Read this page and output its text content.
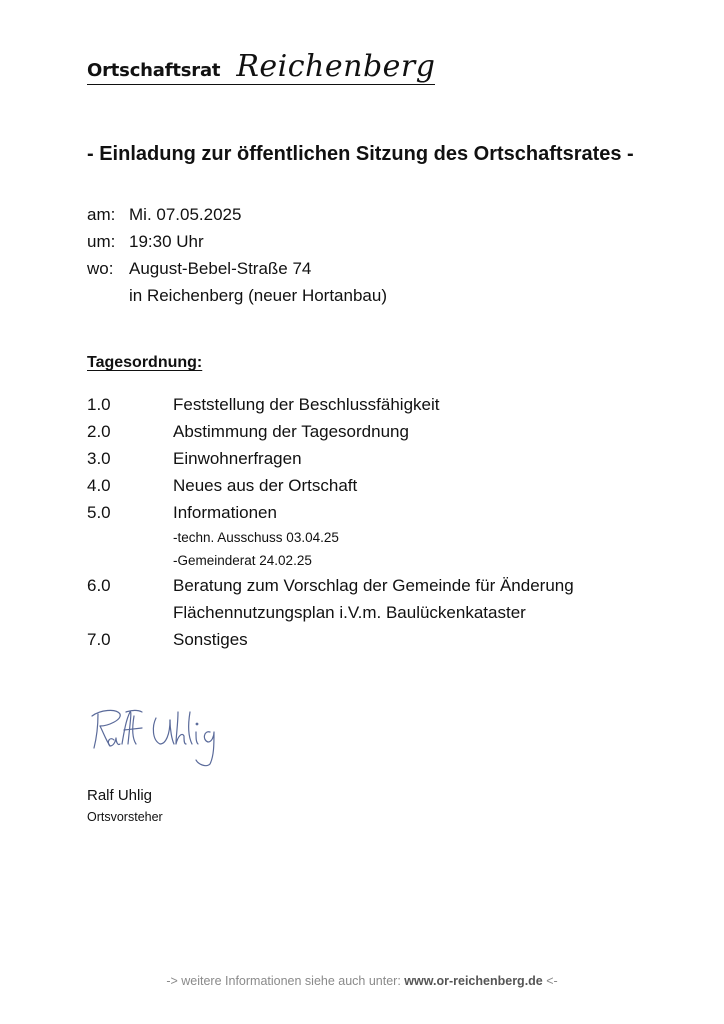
Ortschaftsrat Reichenberg
- Einladung zur öffentlichen Sitzung des Ortschaftsrates -
am: Mi. 07.05.2025
um: 19:30 Uhr
wo: August-Bebel-Straße 74
in Reichenberg (neuer Hortanbau)
Tagesordnung:
1.0	Feststellung der Beschlussfähigkeit
2.0	Abstimmung der Tagesordnung
3.0	Einwohnerfragen
4.0	Neues aus der Ortschaft
5.0	Informationen
-techn. Ausschuss 03.04.25
-Gemeinderat 24.02.25
6.0	Beratung zum Vorschlag der Gemeinde für Änderung
Flächennutzungsplan i.V.m. Baulückenkataster
7.0	Sonstiges
Ralf Uhlig
Ortsvorsteher
-> weitere Informationen siehe auch unter: www.or-reichenberg.de <-
